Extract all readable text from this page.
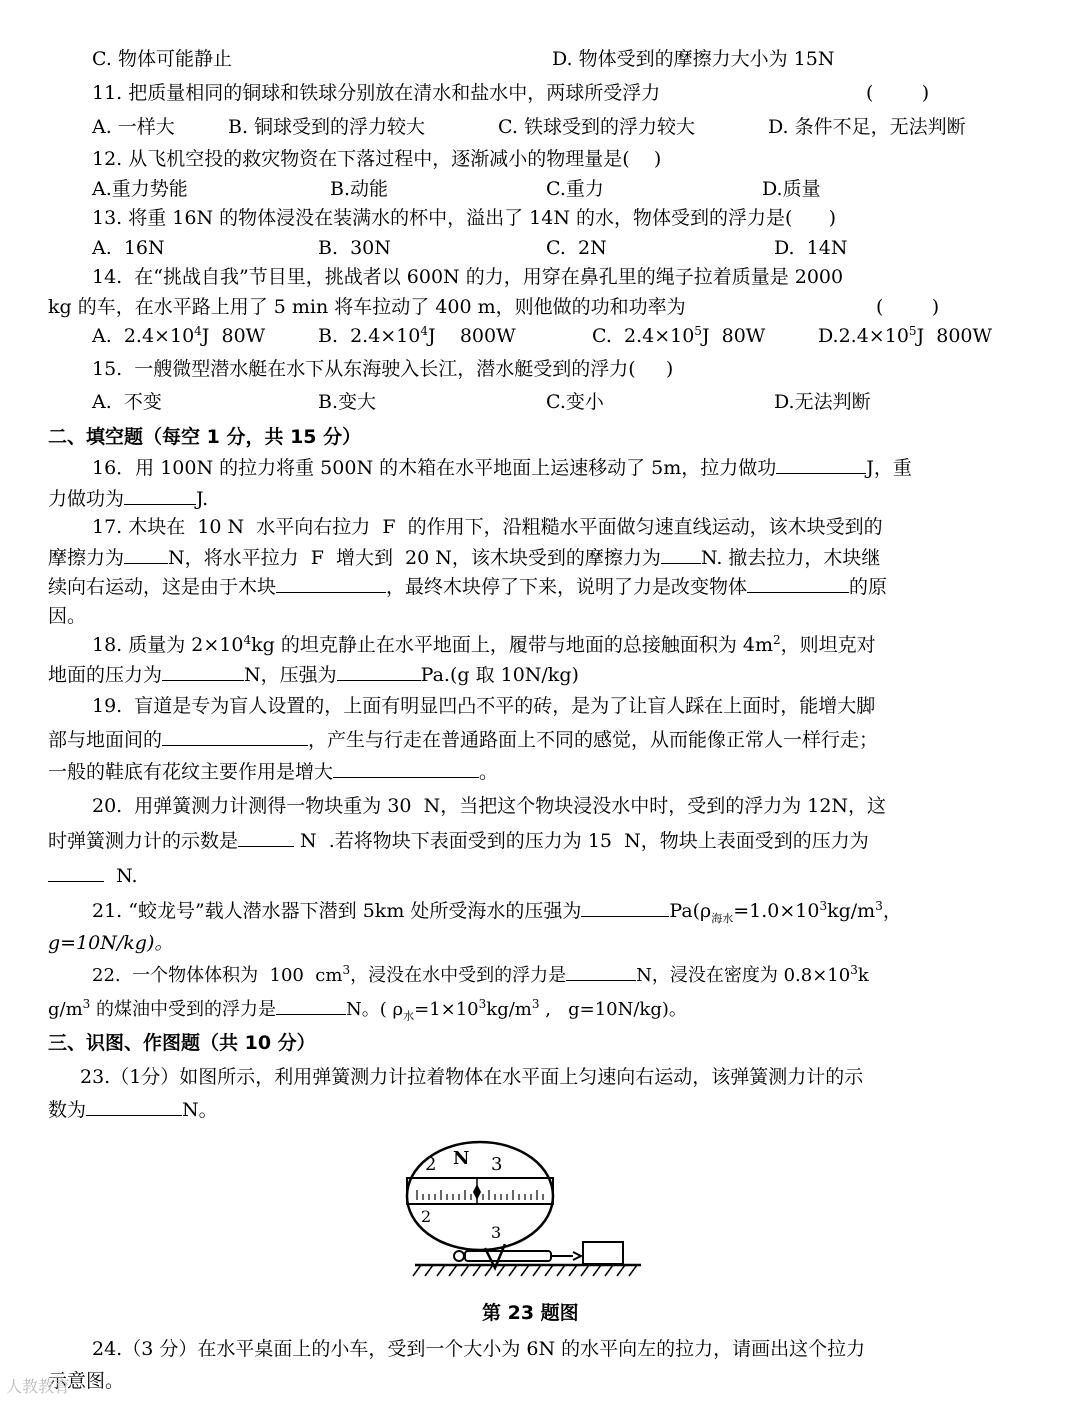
C. 物体可能静止	D. 物体受到的摩擦力大小为 15N
11. 把质量相同的铜球和铁球分别放在清水和盐水中，两球所受浮力	(        )
A. 一样大	B. 铜球受到的浮力较大	C. 铁球受到的浮力较大	D. 条件不足，无法判断
12. 从飞机空投的救灾物资在下落过程中，逐渐减小的物理量是(    )
A.重力势能	B.动能	C.重力	D.质量
13. 将重 16N 的物体浸没在装满水的杯中，溢出了 14N 的水，物体受到的浮力是(      )
A.  16N	B.  30N	C.  2N	D.  14N
14.  在“挑战自我”节目里，挑战者以 600N 的力，用穿在鼻孔里的绳子拉着质量是 2000
kg 的车，在水平路上用了 5 min 将车拉动了 400 m，则他做的功和功率为	(        )
A.  $2.4\times 10^4J$  80W	B.  $2.4\times 10^4J$    800W	C.  $2.4\times 10^5J$  80W	$D.2.4\times 10^5J$  800W
15.  一艘微型潜水艇在水下从东海驶入长江，潜水艇受到的浮力(     )
A.  不变	B.变大	C.变小	D.无法判断
二、填空题（每空 1 分，共 15 分）
16．用 100N 的拉力将重 500N 的木箱在水平地面上运速移动了 5m，拉力做功	J，重
力做功为	J.
17. 木块在  10 N  水平向右拉力  F  的作用下，沿粗糙水平面做匀速直线运动，该木块受到的
摩擦力为 N，将水平拉力  F  增大到  20 N，该木块受到的摩擦力为 N. 撤去拉力，木块继
续向右运动，这是由于木块	，最终木块停了下来，说明了力是改变物体	的原
因。
18. 质量为 $2\times 10^4kg$ 的坦克静止在水平地面上，履带与地面的总接触面积为 $4m^2$，则坦克对
地面的压力为	N，压强为	Pa.(g 取 10N/kg)
19.  盲道是专为盲人设置的，上面有明显凹凸不平的砖，是为了让盲人踩在上面时，能增大脚
部与地面间的	，产生与行走在普通路面上不同的感觉，从而能像正常人一样行走；
一般的鞋底有花纹主要作用是增大	。
20.  用弹簧测力计测得一物块重为 30  N，当把这个物块浸没水中时，受到的浮力为 12N，这
时弹簧测力计的示数是	N  .若将物块下表面受到的压力为 15  N，物块上表面受到的压力为
N.
21. “蛟龙号”载人潜水器下潜到 5km 处所受海水的压强为	$Pa(\rho_{海水}=1.0\times 10^3kg/m^3$，
g=10N/kg)。
22.  一个物体体积为  100  $cm^3$，浸没在水中受到的浮力是	N，浸没在密度为 $0.8\times 10^3k$
$g/m^3$ 的煤油中受到的浮力是	N。( $\rho_水=1\times 10^3kg/m^3$ ,   g=10N/kg)。
三、识图、作图题（共 10 分）
23.（1分）如图所示，利用弹簧测力计拉着物体在水平面上匀速向右运动，该弹簧测力计的示
数为	N。
2 N 3
2
3
第 23 题图
24.（3 分）在水平桌面上的小车，受到一个大小为 6N 的水平向左的拉力，请画出这个拉力
示意图。
人教教育
